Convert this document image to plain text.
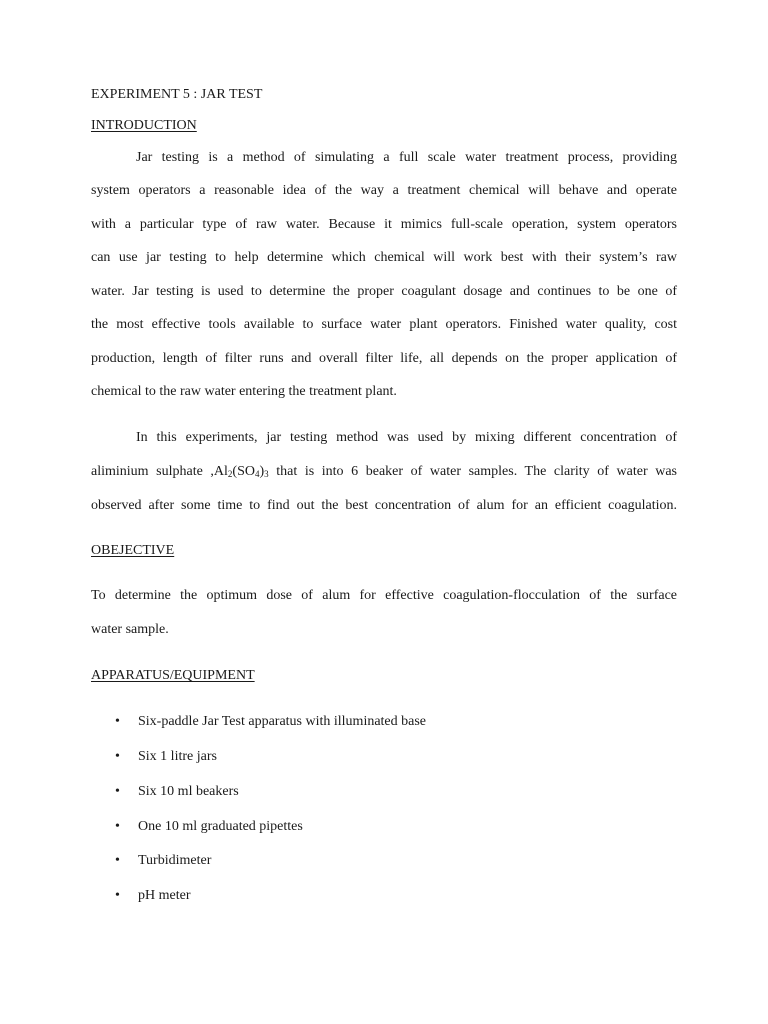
EXPERIMENT 5 : JAR TEST
INTRODUCTION
Jar testing is a method of simulating a full scale water treatment process, providing
system operators a reasonable idea of the way a treatment chemical will behave and operate
with a particular type of raw water. Because it mimics full-scale operation, system operators
can use jar testing to help determine which chemical will work best with their system’s raw
water. Jar testing is used to determine the proper coagulant dosage and continues to be one of
the most effective tools available to surface water plant operators. Finished water quality, cost
production, length of filter runs and overall filter life, all depends on the proper application of
chemical to the raw water entering the treatment plant.
In this experiments, jar testing method was used by mixing different concentration of
aliminium sulphate $,Al_2(SO_4)_3$ that is into 6 beaker of water samples. The clarity of water was
observed after some time to find out the best concentration of alum for an efficient coagulation.
OBEJECTIVE
To determine the optimum dose of alum for effective coagulation-flocculation of the surface
water sample.
APPARATUS/EQUIPMENT
• Six-paddle Jar Test apparatus with illuminated base
• Six 1 litre jars
• Six 10 ml beakers
• One 10 ml graduated pipettes
• Turbidimeter
• pH meter
